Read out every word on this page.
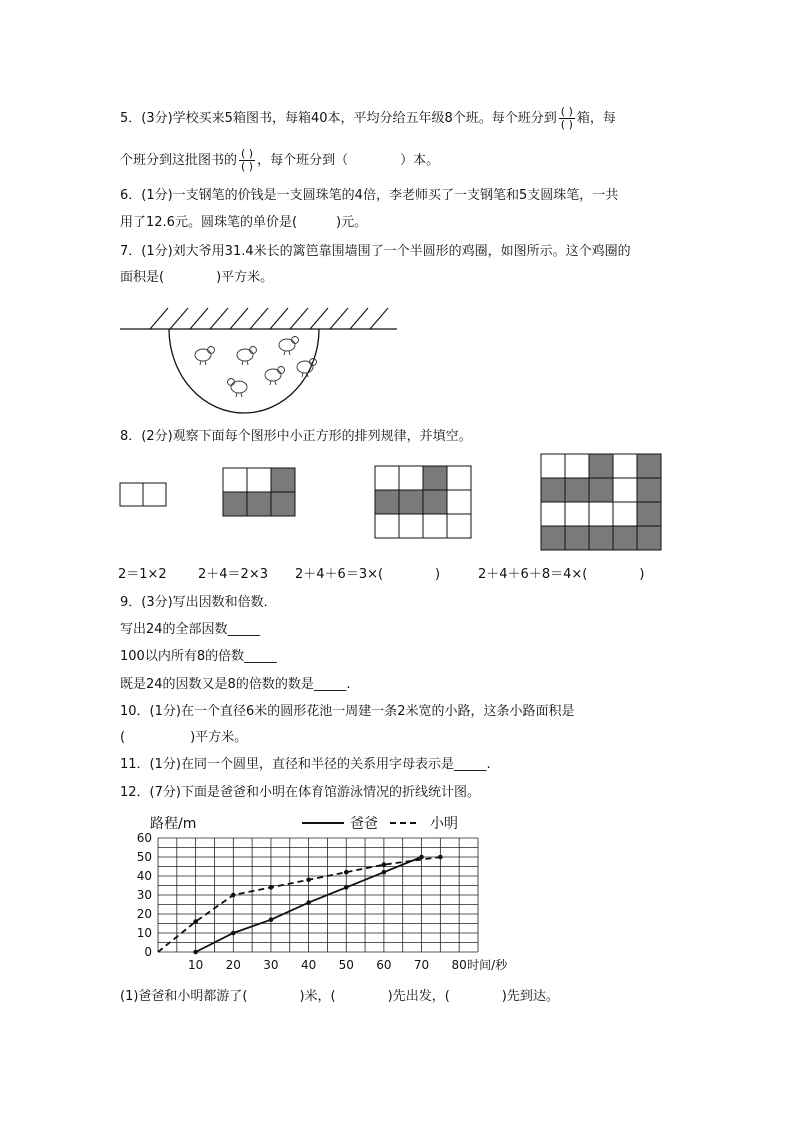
5．(3分)学校买来5箱图书，每箱40本，平均分给五年级8个班。每个班分到 $\frac{( )}{( )}$ 箱，每
个班分到这批图书的 $\frac{( )}{( )}$ ，每个班分到（　　　　）本。
6．(1分)一支钢笔的价钱是一支圆珠笔的4倍，李老师买了一支钢笔和5支圆珠笔，一共
用了12.6元。圆珠笔的单价是(　　　)元。
7．(1分)刘大爷用31.4米长的篱笆靠围墙围了一个半圆形的鸡圈，如图所示。这个鸡圈的
面积是(　　　　)平方米。
8．(2分)观察下面每个图形中小正方形的排列规律，并填空。
2＝1×2 2＋4＝2×3 2＋4＋6＝3×(　　　　)	2＋4＋6＋8＝4×(　　　　)
9．(3分)写出因数和倍数．
写出24的全部因数_____
100以内所有8的倍数_____
既是24的因数又是8的倍数的数是_____.
10．(1分)在一个直径6米的圆形花池一周建一条2米宽的小路，这条小路面积是
(　　　　　)平方米。
11．(1分)在同一个圆里，直径和半径的关系用字母表示是_____.
12．(7分)下面是爸爸和小明在体育馆游泳情况的折线统计图。
0
10
20
30
40
50
60
10 20 30 40 50 60 70 80
路程/m
时间/秒
爸爸	小明
(1)爸爸和小明都游了(　　　　)米，(　　　　)先出发，(　　　　)先到达。
